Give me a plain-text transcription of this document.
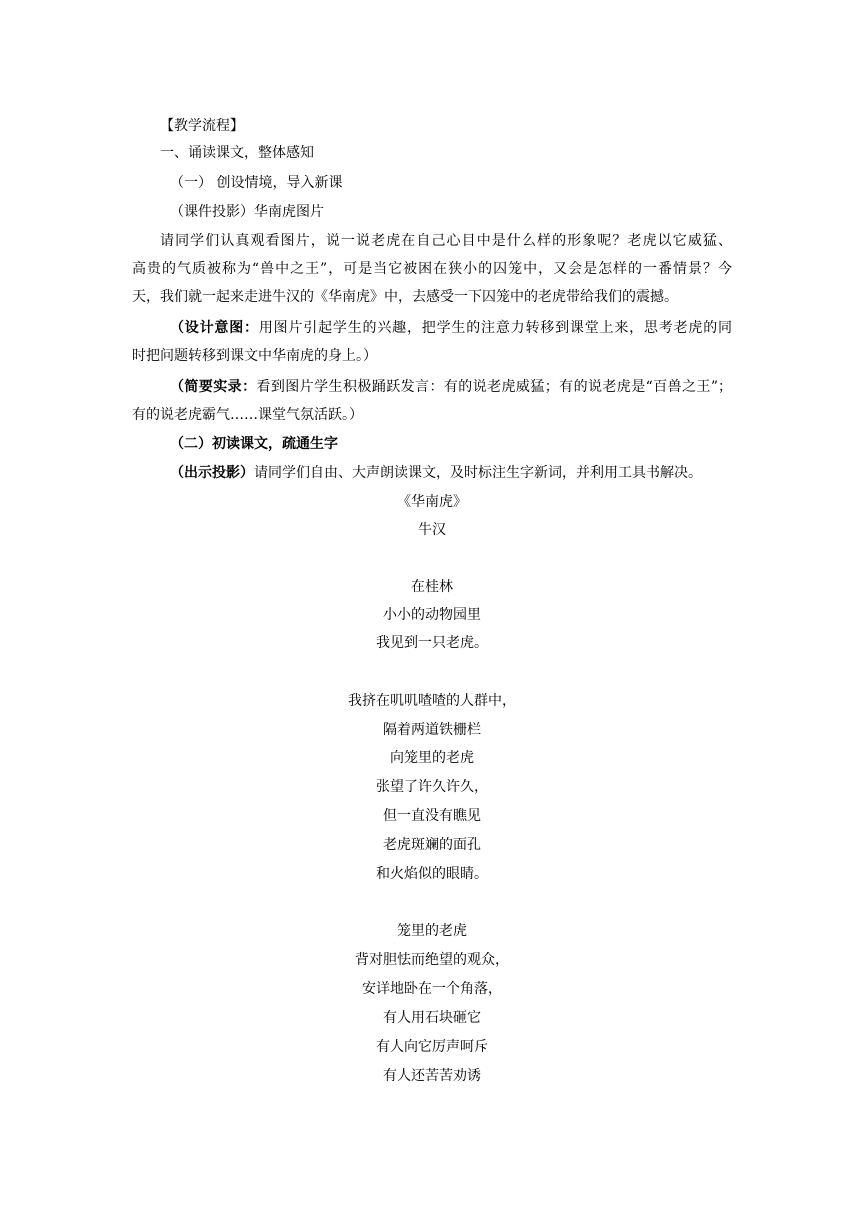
【教学流程】
一、诵读课文，整体感知
（一） 创设情境，导入新课
（课件投影）华南虎图片
请同学们认真观看图片，说一说老虎在自己心目中是什么样的形象呢？老虎以它威猛、
高贵的气质被称为“兽中之王”，可是当它被困在狭小的囚笼中，又会是怎样的一番情景？今
天，我们就一起来走进牛汉的《华南虎》中，去感受一下囚笼中的老虎带给我们的震撼。
（设计意图：用图片引起学生的兴趣，把学生的注意力转移到课堂上来，思考老虎的同
时把问题转移到课文中华南虎的身上。）
（简要实录：看到图片学生积极踊跃发言：有的说老虎威猛；有的说老虎是“百兽之王”；
有的说老虎霸气……课堂气氛活跃。）
（二）初读课文，疏通生字
（出示投影）请同学们自由、大声朗读课文，及时标注生字新词，并利用工具书解决。
《华南虎》
牛汉
在桂林
小小的动物园里
我见到一只老虎。
我挤在叽叽喳喳的人群中，
隔着两道铁栅栏
向笼里的老虎
张望了许久许久，
但一直没有瞧见
老虎斑斓的面孔
和火焰似的眼睛。
笼里的老虎
背对胆怯而绝望的观众，
安详地卧在一个角落，
有人用石块砸它
有人向它厉声呵斥
有人还苦苦劝诱
